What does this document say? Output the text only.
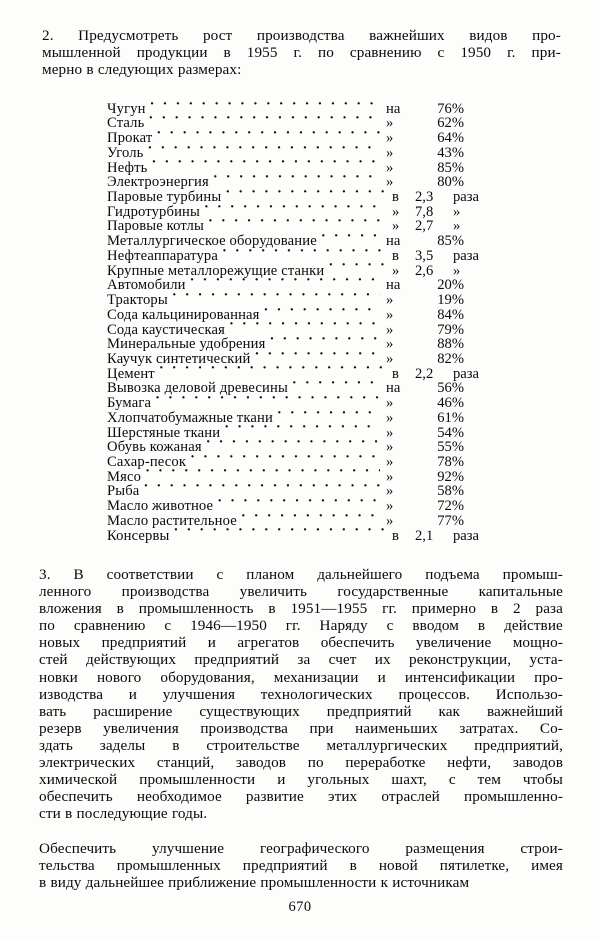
2. Предусмотреть рост производства важнейших видов про-
мышленной продукции в 1955 г. по сравнению с 1950 г. при-
мерно в следующих размерах:
Чугун · · ·	на	76%
Сталь · · ·	»	62%
Прокат · · ·	»	64%
Уголь · · ·	»	43%
Нефть · · ·	»	85%
Электроэнергия · · ·	»	80%
Паровые турбины · · ·	в	2,3	раза
Гидротурбины · · ·	»	7,8	»
Паровые котлы · · ·	»	2,7	»
Металлургическое оборудование · · ·	на	85%
Нефтеаппаратура · · ·	в	3,5	раза
Крупные металлорежущие станки · · ·	»	2,6	»
Автомобили · · ·	на	20%
Тракторы · · ·	»	19%
Сода кальцинированная · · ·	»	84%
Сода каустическая · · ·	»	79%
Минеральные удобрения · · ·	»	88%
Каучук синтетический · · ·	»	82%
Цемент · · ·	в	2,2	раза
Вывозка деловой древесины · · ·	на	56%
Бумага · · ·	»	46%
Хлопчатобумажные ткани · · ·	»	61%
Шерстяные ткани · · ·	»	54%
Обувь кожаная · · ·	»	55%
Сахар-песок · · ·	»	78%
Мясо · · ·	»	92%
Рыба · · ·	»	58%
Масло животное · · ·	»	72%
Масло растительное · · ·	»	77%
Консервы · · ·	в	2,1	раза
3. В соответствии с планом дальнейшего подъема промыш-
ленного производства увеличить государственные капитальные
вложения в промышленность в 1951—1955 гг. примерно в 2 раза
по сравнению с 1946—1950 гг. Наряду с вводом в действие
новых предприятий и агрегатов обеспечить увеличение мощно-
стей действующих предприятий за счет их реконструкции, уста-
новки нового оборудования, механизации и интенсификации про-
изводства и улучшения технологических процессов. Использо-
вать расширение существующих предприятий как важнейший
резерв увеличения производства при наименьших затратах. Со-
здать заделы в строительстве металлургических предприятий,
электрических станций, заводов по переработке нефти, заводов
химической промышленности и угольных шахт, с тем чтобы
обеспечить необходимое развитие этих отраслей промышленно-
сти в последующие годы.
Обеспечить улучшение географического размещения строи-
тельства промышленных предприятий в новой пятилетке, имея
в виду дальнейшее приближение промышленности к источникам
670
